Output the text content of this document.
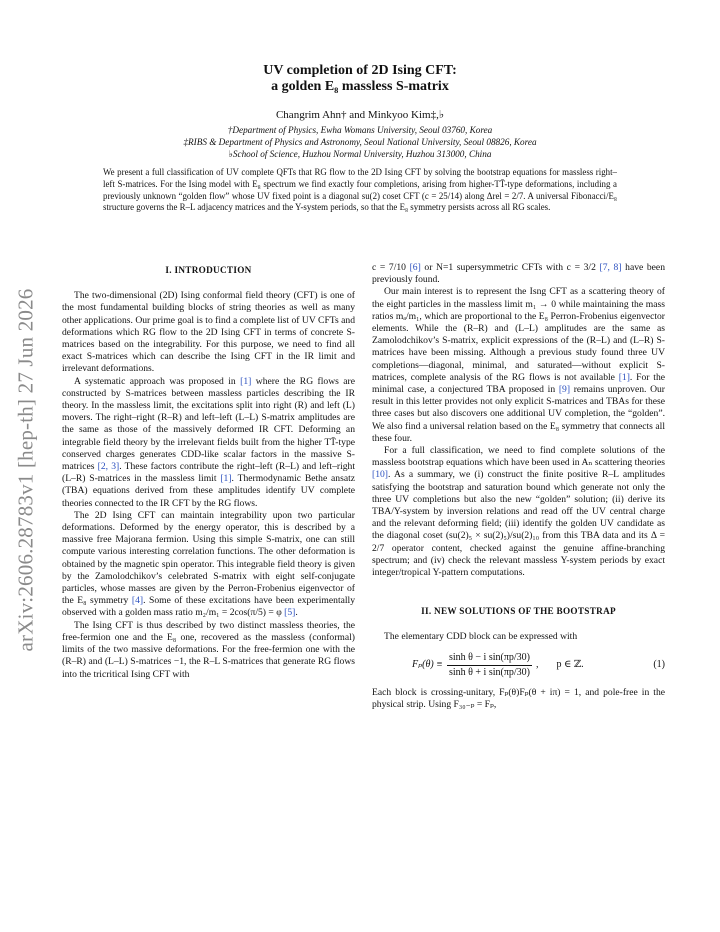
arXiv:2606.28783v1 [hep-th] 27 Jun 2026
UV completion of 2D Ising CFT:
a golden E₈ massless S-matrix
Changrim Ahn† and Minkyoo Kim‡,♭
†Department of Physics, Ewha Womans University, Seoul 03760, Korea
‡RIBS & Department of Physics and Astronomy, Seoul National University, Seoul 08826, Korea
♭School of Science, Huzhou Normal University, Huzhou 313000, China
We present a full classification of UV complete QFTs that RG flow to the 2D Ising CFT by solving the bootstrap equations for massless right–left S-matrices. For the Ising model with E₈ spectrum we find exactly four completions, arising from higher-TT̄-type deformations, including a previously unknown “golden flow” whose UV fixed point is a diagonal su(2) coset CFT (c = 25/14) along Δrel = 2/7. A universal Fibonacci/E₈ structure governs the R–L adjacency matrices and the Y-system periods, so that the E₈ symmetry persists across all RG scales.
I. INTRODUCTION

The two-dimensional (2D) Ising conformal field theory (CFT) is one of the most fundamental building blocks of string theories as well as many other applications. Our prime goal is to find a complete list of UV CFTs and deformations which RG flow to the 2D Ising CFT in terms of concrete S-matrices based on the integrability. For this purpose, we need to find all exact S-matrices which can describe the Ising CFT in the IR limit and irrelevant deformations.

A systematic approach was proposed in [1] where the RG flows are constructed by S-matrices between massless particles describing the IR theory. In the massless limit, the excitations split into right (R) and left (L) movers. The right–right (R–R) and left–left (L–L) S-matrix amplitudes are the same as those of the massively deformed IR CFT. Deforming an integrable field theory by the irrelevant fields built from the higher TT̄-type conserved charges generates CDD-like scalar factors in the massive S-matrices [2, 3]. These factors contribute the right–left (R–L) and left–right (L–R) S-matrices in the massless limit [1]. Thermodynamic Bethe ansatz (TBA) equations derived from these amplitudes identify UV complete theories connected to the IR CFT by the RG flows.

The 2D Ising CFT can maintain integrability upon two particular deformations. Deformed by the energy operator, this is described by a massive free Majorana fermion. Using this simple S-matrix, one can still compute various interesting correlation functions. The other deformation is obtained by the magnetic spin operator. This integrable field theory is given by the Zamolodchikov’s celebrated S-matrix with eight self-conjugate particles, whose masses are given by the Perron-Frobenius eigenvector of the E₈ symmetry [4]. Some of these excitations have been experimentally observed with a golden mass ratio m₂/m₁ = 2cos(π/5) = φ [5].

The Ising CFT is thus described by two distinct massless theories, the free-fermion one and the E₈ one, recovered as the massless (conformal) limits of the two massive deformations. For the free-fermion one with the (R–R) and (L–L) S-matrices −1, the R–L S-matrices that generate RG flows into the tricritical Ising CFT with

c = 7/10 [6] or N=1 supersymmetric CFTs with c = 3/2 [7, 8] have been previously found.

Our main interest is to represent the Isng CFT as a scattering theory of the eight particles in the massless limit m₁ → 0 while maintaining the mass ratios mₐ/m₁, which are proportional to the E₈ Perron-Frobenius eigenvector elements. While the (R–R) and (L–L) amplitudes are the same as Zamolodchikov’s S-matrix, explicit expressions of the (R–L) and (L–R) S-matrices have been missing. Although a previous study found three UV completions—diagonal, minimal, and saturated—without explicit S-matrices, complete analysis of the RG flows is not available [1]. For the minimal case, a conjectured TBA proposed in [9] remains unproven. Our result in this letter provides not only explicit S-matrices and TBAs for these three cases but also discovers one additional UV completion, the “golden”. We also find a universal relation based on the E₈ symmetry that connects all these four.

For a full classification, we need to find complete solutions of the massless bootstrap equations which have been used in Aₙ scattering theories [10]. As a summary, we (i) construct the finite positive R–L amplitudes satisfying the bootstrap and saturation bound which generate not only the three UV completions but also the new “golden” solution; (ii) derive its TBA/Y-system by inversion relations and read off the UV central charge and the relevant deforming field; (iii) identify the golden UV candidate as the diagonal coset (su(2)₅ × su(2)₅)/su(2)₁₀ from this TBA data and its Δ = 2/7 operator content, checked against the genuine affine-branching spectrum; and (iv) check the relevant massless Y-system periods by exact integer/tropical Y-pattern computations.

II. NEW SOLUTIONS OF THE BOOTSTRAP

The elementary CDD block can be expressed with

$F_p(\theta) \equiv \frac{\text{sinh θ − i sin(πp/30)}}{\text{sinh θ + i sin(πp/30)}}$ , p ∈ ℤ.	(1)

Each block is crossing-unitary, Fₚ(θ)Fₚ(θ + iπ) = 1, and pole-free in the physical strip. Using F₃₀₋ₚ = Fₚ,
